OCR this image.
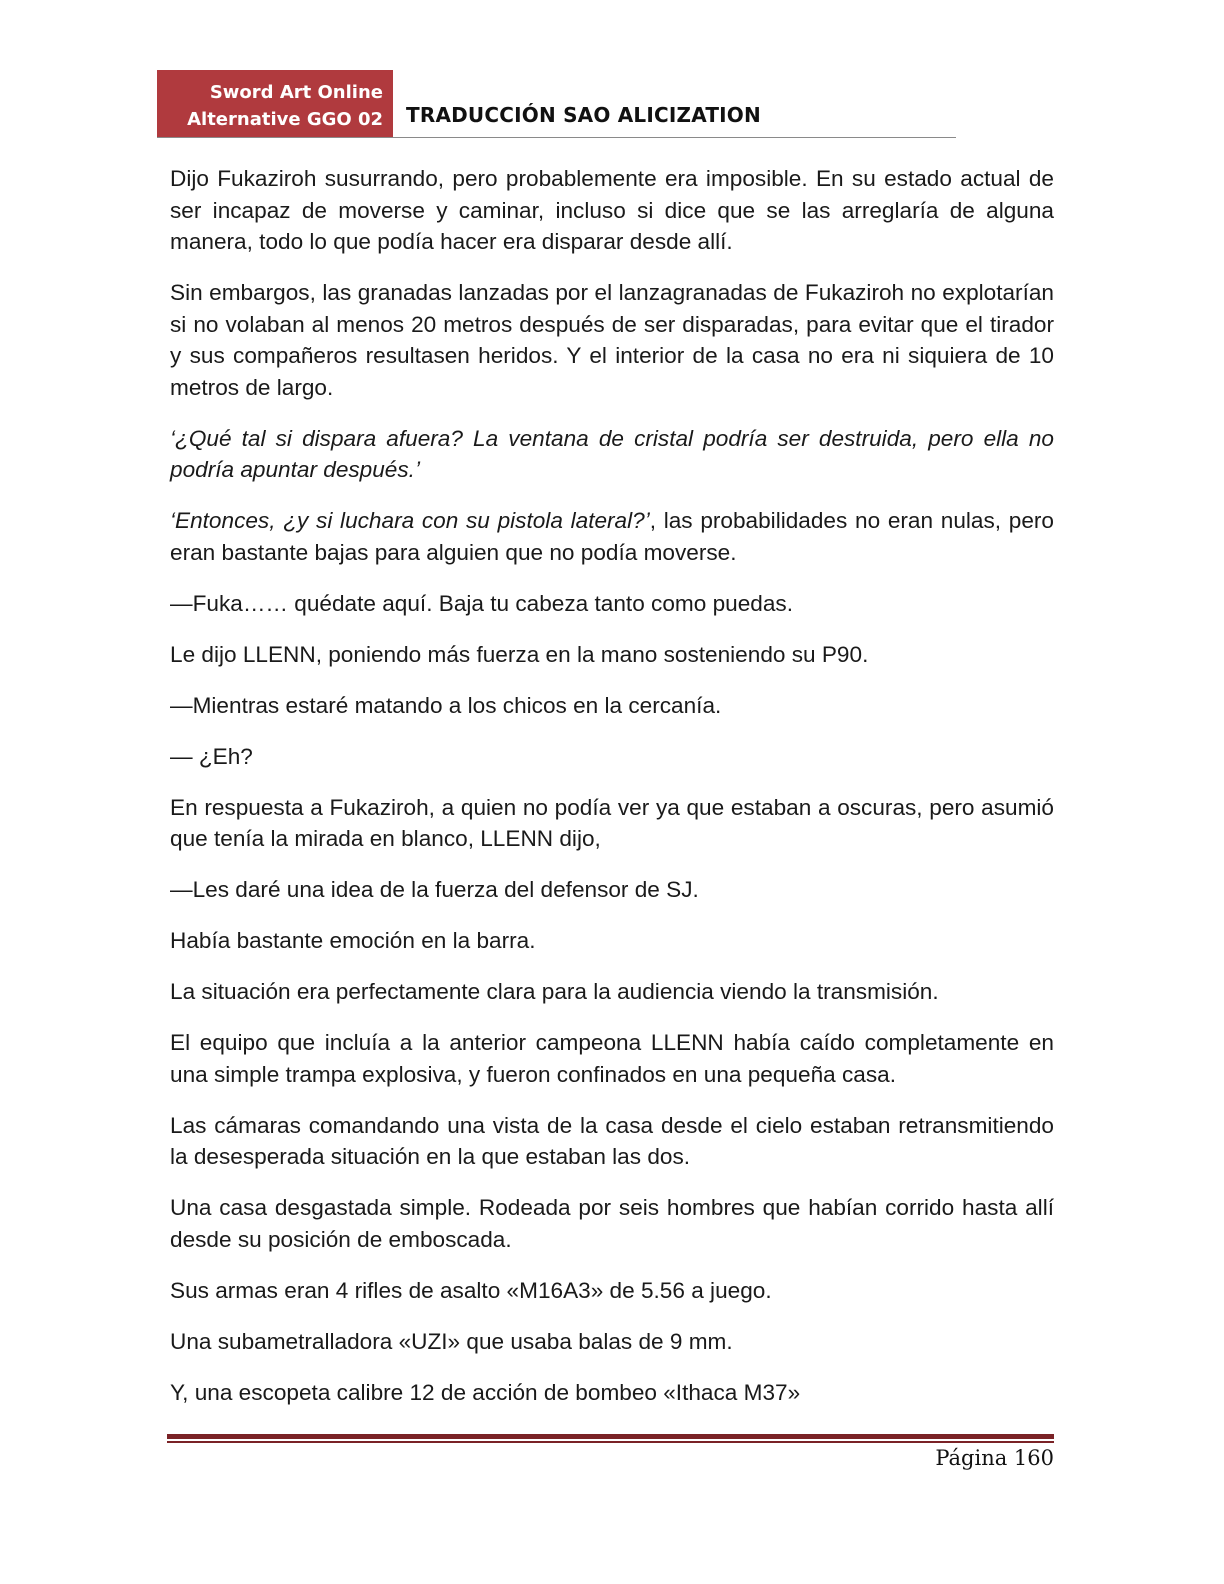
Sword Art Online
Alternative GGO 02 TRADUCCIÓN SAO ALICIZATION

Dijo Fukaziroh susurrando, pero probablemente era imposible. En su estado actual de ser incapaz de moverse y caminar, incluso si dice que se las arreglaría de alguna manera, todo lo que podía hacer era disparar desde allí.

Sin embargos, las granadas lanzadas por el lanzagranadas de Fukaziroh no explotarían si no volaban al menos 20 metros después de ser disparadas, para evitar que el tirador y sus compañeros resultasen heridos. Y el interior de la casa no era ni siquiera de 10 metros de largo.

‘¿Qué tal si dispara afuera? La ventana de cristal podría ser destruida, pero ella no podría apuntar después.’

‘Entonces, ¿y si luchara con su pistola lateral?’, las probabilidades no eran nulas, pero eran bastante bajas para alguien que no podía moverse.

—Fuka…… quédate aquí. Baja tu cabeza tanto como puedas.

Le dijo LLENN, poniendo más fuerza en la mano sosteniendo su P90.

—Mientras estaré matando a los chicos en la cercanía.

— ¿Eh?

En respuesta a Fukaziroh, a quien no podía ver ya que estaban a oscuras, pero asumió que tenía la mirada en blanco, LLENN dijo,

—Les daré una idea de la fuerza del defensor de SJ.

Había bastante emoción en la barra.

La situación era perfectamente clara para la audiencia viendo la transmisión.

El equipo que incluía a la anterior campeona LLENN había caído completamente en una simple trampa explosiva, y fueron confinados en una pequeña casa.

Las cámaras comandando una vista de la casa desde el cielo estaban retransmitiendo la desesperada situación en la que estaban las dos.

Una casa desgastada simple. Rodeada por seis hombres que habían corrido hasta allí desde su posición de emboscada.

Sus armas eran 4 rifles de asalto «M16A3» de 5.56 a juego.

Una subametralladora «UZI» que usaba balas de 9 mm.

Y, una escopeta calibre 12 de acción de bombeo «Ithaca M37»

Página 160
